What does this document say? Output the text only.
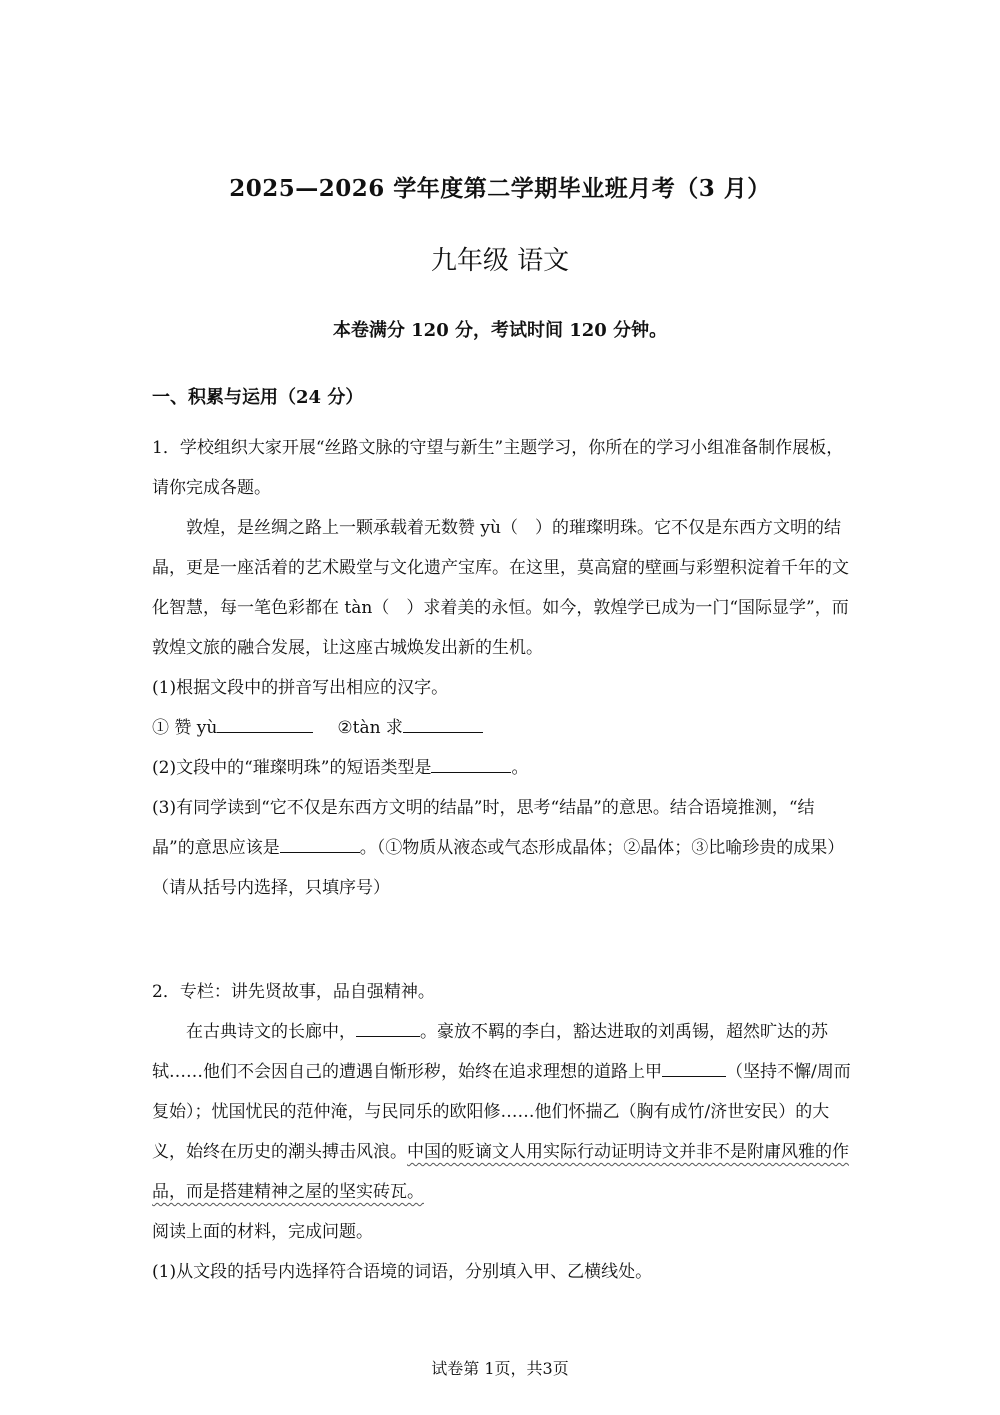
2025—2026 学年度第二学期毕业班月考（3 月）
九年级 语文
本卷满分 120 分，考试时间 120 分钟。
一、积累与运用（24 分）

1．学校组织大家开展“丝路文脉的守望与新生”主题学习，你所在的学习小组准备制作展板，请你完成各题。

敦煌，是丝绸之路上一颗承载着无数赞 yù（　）的璀璨明珠。它不仅是东西方文明的结晶，更是一座活着的艺术殿堂与文化遗产宝库。在这里，莫高窟的壁画与彩塑积淀着千年的文化智慧，每一笔色彩都在 tàn（　）求着美的永恒。如今，敦煌学已成为一门“国际显学”，而敦煌文旅的融合发展，让这座古城焕发出新的生机。

(1)根据文段中的拼音写出相应的汉字。

① 赞 yù	②tàn 求

(2)文段中的“璀璨明珠”的短语类型是	。

(3)有同学读到“它不仅是东西方文明的结晶”时，思考“结晶”的意思。结合语境推测，“结晶”的意思应该是	。（①物质从液态或气态形成晶体；②晶体；③比喻珍贵的成果）（请从括号内选择，只填序号）

2．专栏：讲先贤故事，品自强精神。

在古典诗文的长廊中，	。豪放不羁的李白，豁达进取的刘禹锡，超然旷达的苏轼……他们不会因自己的遭遇自惭形秽，始终在追求理想的道路上甲	（坚持不懈/周而复始）；忧国忧民的范仲淹，与民同乐的欧阳修……他们怀揣乙（胸有成竹/济世安民）的大义，始终在历史的潮头搏击风浪。中国的贬谪文人用实际行动证明诗文并非不是附庸风雅的作品，而是搭建精神之屋的坚实砖瓦。

阅读上面的材料，完成问题。

(1)从文段的括号内选择符合语境的词语，分别填入甲、乙横线处。

试卷第 1页，共3页
